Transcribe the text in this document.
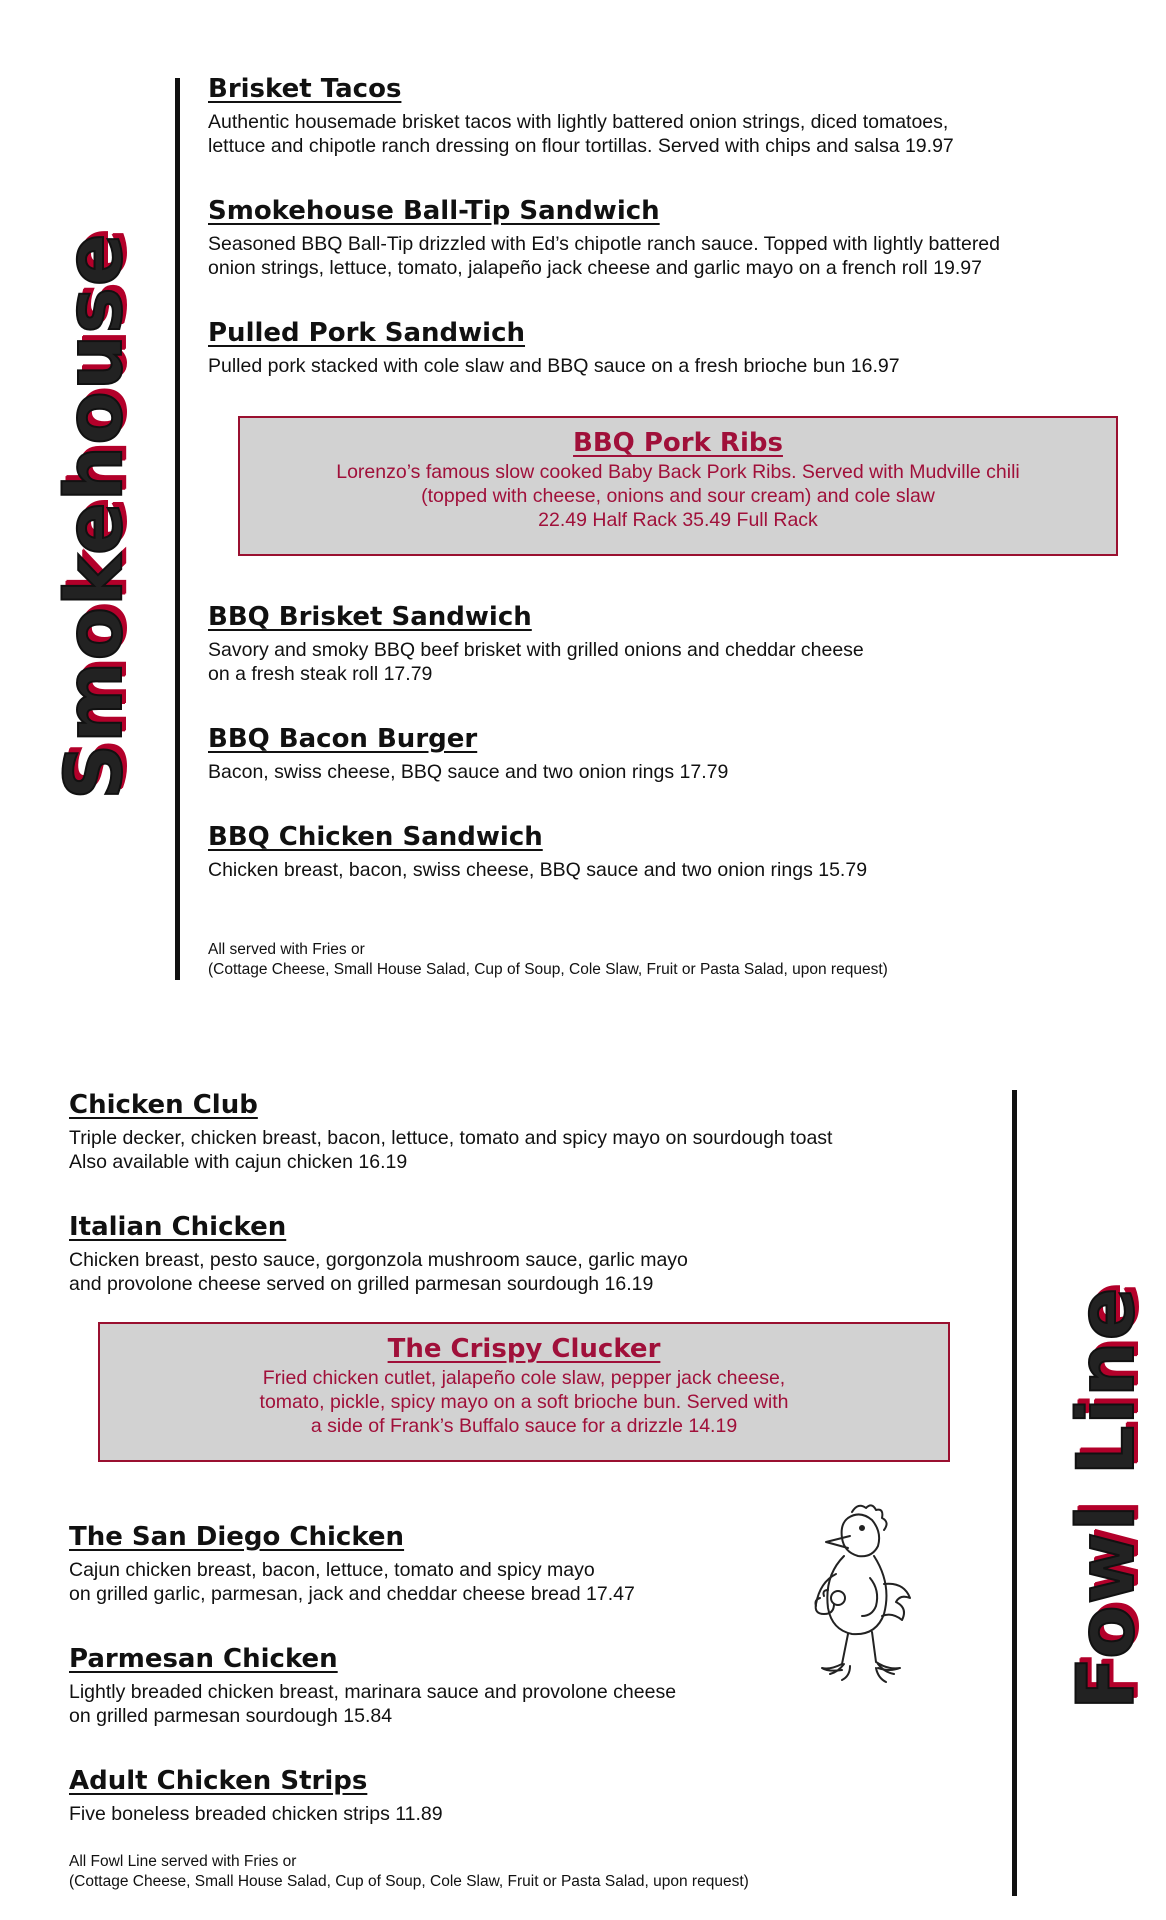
Smokehouse
Brisket Tacos

Authentic housemade brisket tacos with lightly battered onion strings, diced tomatoes,
lettuce and chipotle ranch dressing on flour tortillas. Served with chips and salsa 19.97

Smokehouse Ball-Tip Sandwich

Seasoned BBQ Ball-Tip drizzled with Ed’s chipotle ranch sauce. Topped with lightly battered
onion strings, lettuce, tomato, jalapeño jack cheese and garlic mayo on a french roll 19.97

Pulled Pork Sandwich

Pulled pork stacked with cole slaw and BBQ sauce on a fresh brioche bun 16.97

BBQ Pork Ribs

Lorenzo’s famous slow cooked Baby Back Pork Ribs. Served with Mudville chili
(topped with cheese, onions and sour cream) and cole slaw
22.49 Half Rack 35.49 Full Rack

BBQ Brisket Sandwich

Savory and smoky BBQ beef brisket with grilled onions and cheddar cheese
on a fresh steak roll 17.79

BBQ Bacon Burger

Bacon, swiss cheese, BBQ sauce and two onion rings 17.79

BBQ Chicken Sandwich

Chicken breast, bacon, swiss cheese, BBQ sauce and two onion rings 15.79

All served with Fries or
(Cottage Cheese, Small House Salad, Cup of Soup, Cole Slaw, Fruit or Pasta Salad, upon request)
Fowl Line
Chicken Club

Triple decker, chicken breast, bacon, lettuce, tomato and spicy mayo on sourdough toast
Also available with cajun chicken 16.19

Italian Chicken

Chicken breast, pesto sauce, gorgonzola mushroom sauce, garlic mayo
and provolone cheese served on grilled parmesan sourdough 16.19

The Crispy Clucker

Fried chicken cutlet, jalapeño cole slaw, pepper jack cheese,
tomato, pickle, spicy mayo on a soft brioche bun. Served with
a side of Frank’s Buffalo sauce for a drizzle 14.19

The San Diego Chicken

Cajun chicken breast, bacon, lettuce, tomato and spicy mayo
on grilled garlic, parmesan, jack and cheddar cheese bread 17.47

Parmesan Chicken

Lightly breaded chicken breast, marinara sauce and provolone cheese
on grilled parmesan sourdough 15.84

Adult Chicken Strips

Five boneless breaded chicken strips 11.89

All Fowl Line served with Fries or
(Cottage Cheese, Small House Salad, Cup of Soup, Cole Slaw, Fruit or Pasta Salad, upon request)
